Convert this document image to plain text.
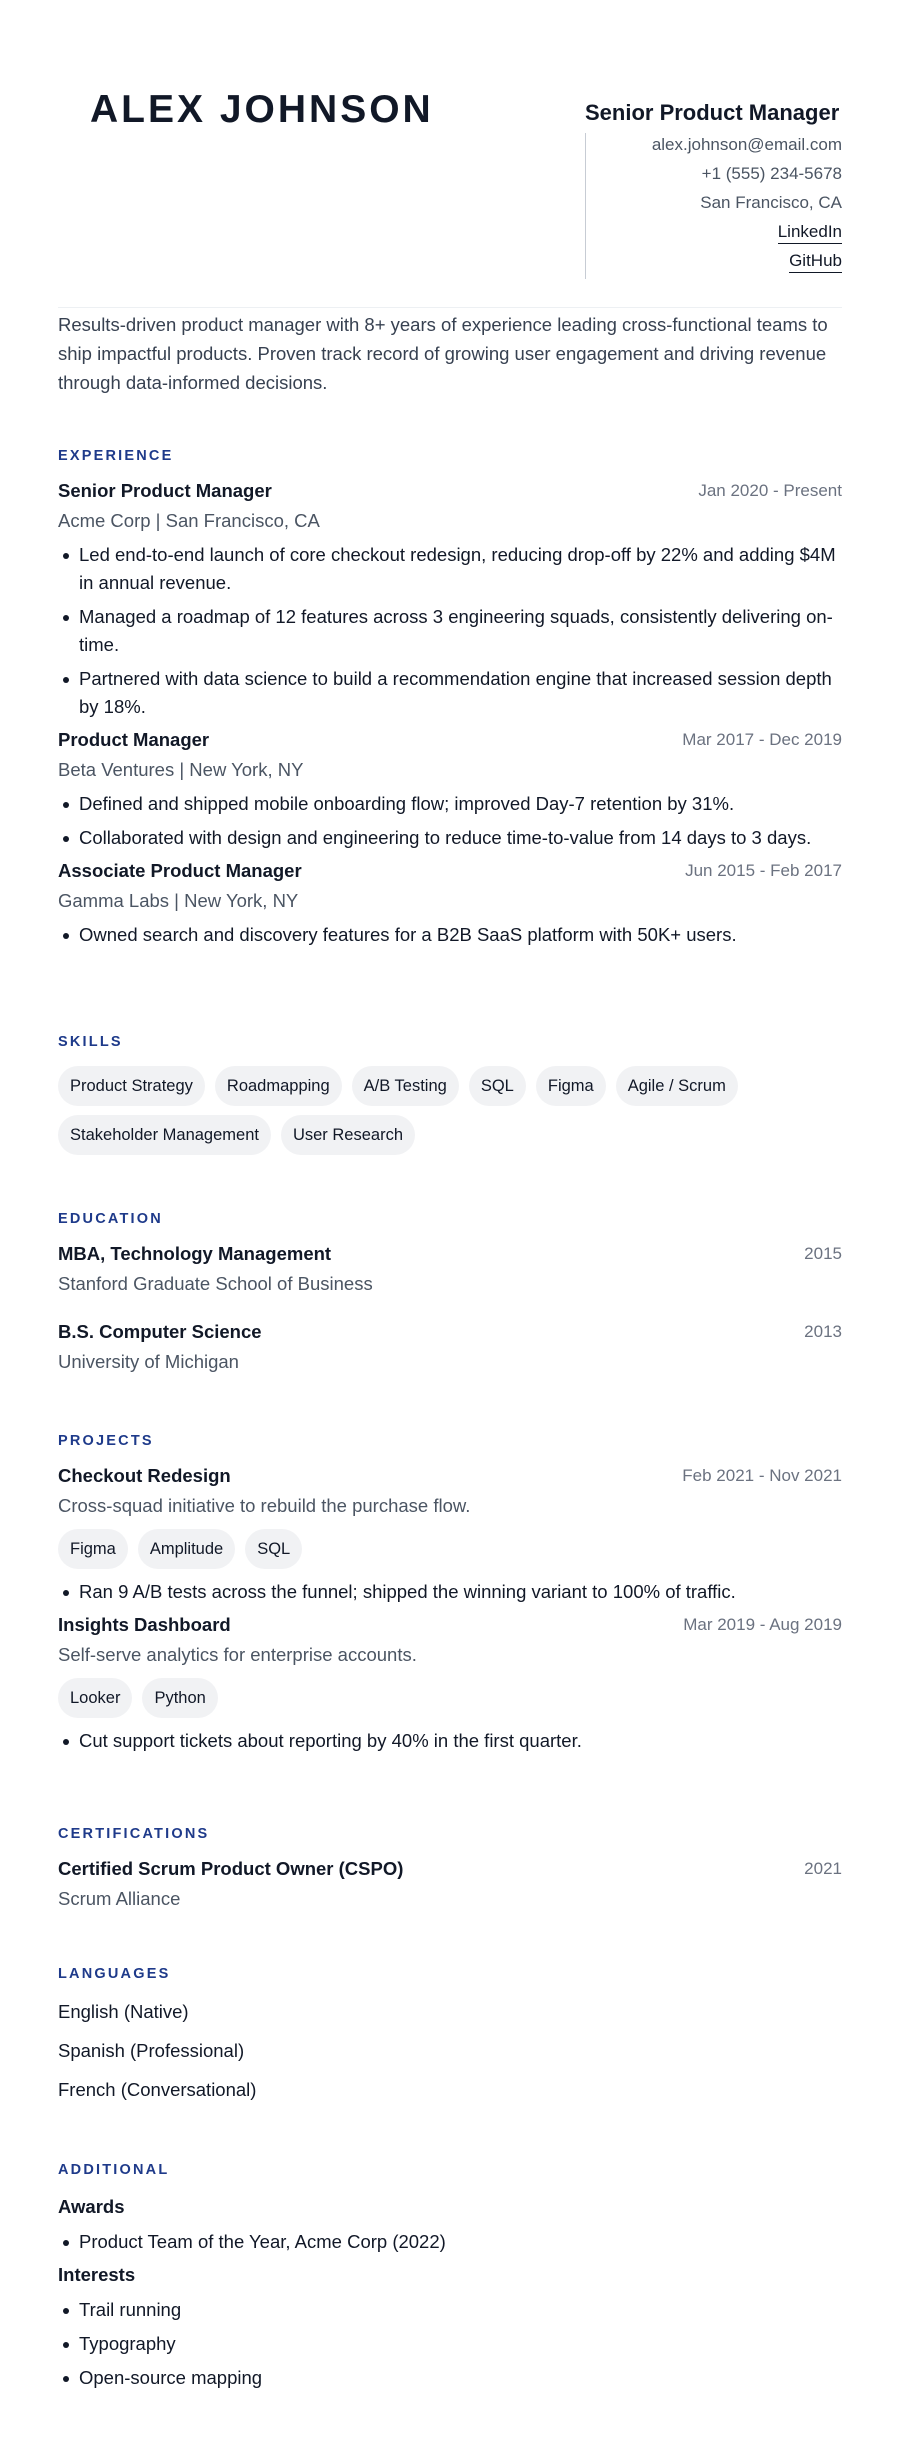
ALEX JOHNSON	Senior Product Manager
alex.johnson@email.com
+1 (555) 234-5678
San Francisco, CA
LinkedIn
GitHub
Results-driven product manager with 8+ years of experience leading cross-functional teams to ship impactful products. Proven track record of growing user engagement and driving revenue through data-informed decisions.
EXPERIENCE
Senior Product Manager	Jan 2020 - Present
Acme Corp | San Francisco, CA
Led end-to-end launch of core checkout redesign, reducing drop-off by 22% and adding $4M in annual revenue.
Managed a roadmap of 12 features across 3 engineering squads, consistently delivering on-time.
Partnered with data science to build a recommendation engine that increased session depth by 18%.
Product Manager	Mar 2017 - Dec 2019
Beta Ventures | New York, NY
Defined and shipped mobile onboarding flow; improved Day-7 retention by 31%.
Collaborated with design and engineering to reduce time-to-value from 14 days to 3 days.
Associate Product Manager	Jun 2015 - Feb 2017
Gamma Labs | New York, NY
Owned search and discovery features for a B2B SaaS platform with 50K+ users.
SKILLS
Product Strategy	Roadmapping	A/B Testing	SQL	Figma	Agile / Scrum
Stakeholder Management	User Research
EDUCATION
MBA, Technology Management	2015
Stanford Graduate School of Business
B.S. Computer Science	2013
University of Michigan
PROJECTS
Checkout Redesign	Feb 2021 - Nov 2021
Cross-squad initiative to rebuild the purchase flow.
Figma	Amplitude	SQL
Ran 9 A/B tests across the funnel; shipped the winning variant to 100% of traffic.
Insights Dashboard	Mar 2019 - Aug 2019
Self-serve analytics for enterprise accounts.
Looker	Python
Cut support tickets about reporting by 40% in the first quarter.
CERTIFICATIONS
Certified Scrum Product Owner (CSPO)	2021
Scrum Alliance
LANGUAGES
English (Native)
Spanish (Professional)
French (Conversational)
ADDITIONAL
Awards
Product Team of the Year, Acme Corp (2022)
Interests
Trail running
Typography
Open-source mapping
